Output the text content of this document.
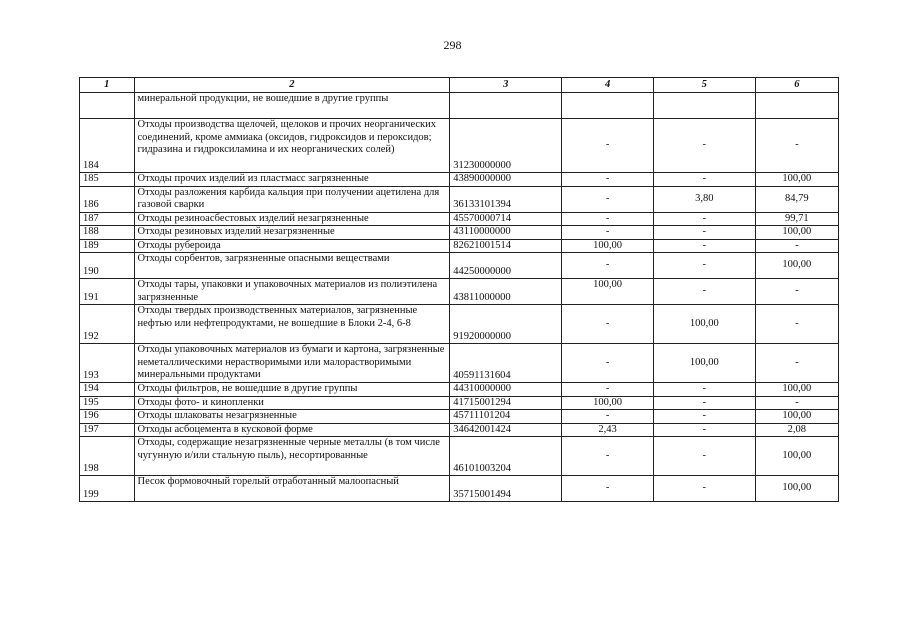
298
1	2	3	4	5	6
	минеральной продукции, не вошедшие в другие группы				
184	Отходы производства щелочей, щелоков и прочих неорганических соединений, кроме аммиака (оксидов, гидроксидов и пероксидов; гидразина и гидроксиламина и их неорганических солей)	31230000000	-	-	-
185	Отходы прочих изделий из пластмасс загрязненные	43890000000	-	-	100,00
186	Отходы разложения карбида кальция при получении ацетилена для газовой сварки	36133101394	-	3,80	84,79
187	Отходы резиноасбестовых изделий незагрязненные	45570000714	-	-	99,71
188	Отходы резиновых изделий незагрязненные	43110000000	-	-	100,00
189	Отходы рубероида	82621001514	100,00	-	-
190	Отходы сорбентов, загрязненные опасными веществами	44250000000	-	-	100,00
191	Отходы тары, упаковки и упаковочных материалов из полиэтилена загрязненные	43811000000	100,00	-	-
192	Отходы твердых производственных материалов, загрязненные нефтью или нефтепродуктами, не вошедшие в Блоки 2-4, 6-8	91920000000	-	100,00	-
193	Отходы упаковочных материалов из бумаги и картона, загрязненные неметаллическими нерастворимыми или малорастворимыми минеральными продуктами	40591131604	-	100,00	-
194	Отходы фильтров, не вошедшие в другие группы	44310000000	-	-	100,00
195	Отходы фото- и кинопленки	41715001294	100,00	-	-
196	Отходы шлаковаты незагрязненные	45711101204	-	-	100,00
197	Отходы асбоцемента в кусковой форме	34642001424	2,43	-	2,08
198	Отходы, содержащие незагрязненные черные металлы (в том числе чугунную и/или стальную пыль), несортированные	46101003204	-	-	100,00
199	Песок формовочный горелый отработанный малоопасный	35715001494	-	-	100,00
